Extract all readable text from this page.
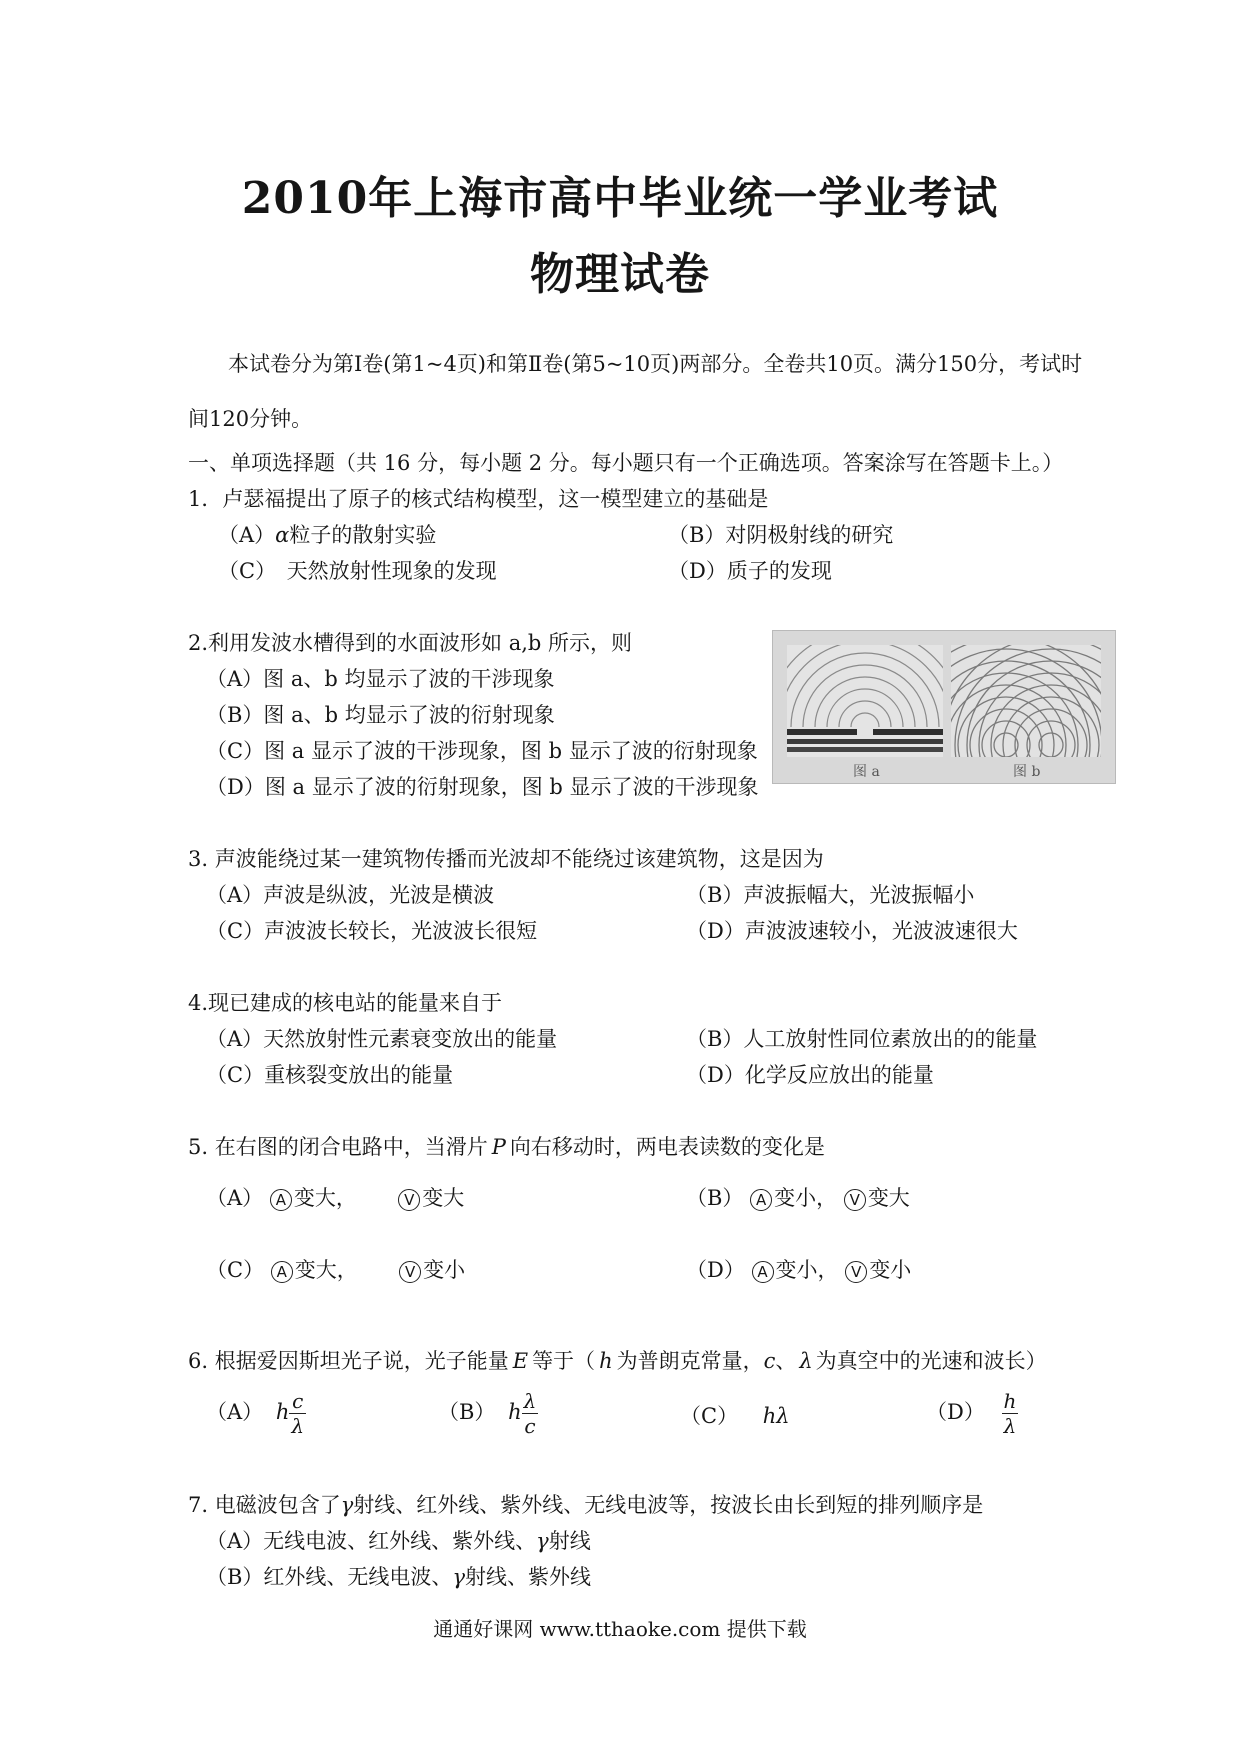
2010年上海市高中毕业统一学业考试
物理试卷
本试卷分为第Ⅰ卷(第1~4页)和第Ⅱ卷(第5~10页)两部分。全卷共10页。满分150分，考试时
间120分钟。
一、单项选择题（共 16 分，每小题 2 分。每小题只有一个正确选项。答案涂写在答题卡上。）
1．卢瑟福提出了原子的核式结构模型，这一模型建立的基础是
（A）α粒子的散射实验	（B）对阴极射线的研究
（C）　天然放射性现象的发现	（D）质子的发现
2.利用发波水槽得到的水面波形如 a,b 所示，则
（A）图 a、b 均显示了波的干涉现象
（B）图 a、b 均显示了波的衍射现象
（C）图 a 显示了波的干涉现象，图 b 显示了波的衍射现象
（D）图 a 显示了波的衍射现象，图 b 显示了波的干涉现象
图 a	图 b
3. 声波能绕过某一建筑物传播而光波却不能绕过该建筑物，这是因为
（A）声波是纵波，光波是横波	（B）声波振幅大，光波振幅小
（C）声波波长较长，光波波长很短	（D）声波波速较小，光波波速很大
4.现已建成的核电站的能量来自于
（A）天然放射性元素衰变放出的能量	（B）人工放射性同位素放出的的能量
（C）重核裂变放出的能量	（D）化学反应放出的能量
5. 在右图的闭合电路中，当滑片 P 向右移动时，两电表读数的变化是
（A） A 变大，	V 变大	（B） A 变小， V 变大
（C） A 变大，	V 变小	（D） A 变小， V 变小
6. 根据爱因斯坦光子说，光子能量 E 等于（ h 为普朗克常量，c、 λ 为真空中的光速和波长）
（A） h $\frac{c}{\lambda}$	（B） h $\frac{\lambda}{c}$	（C） hλ	$(D) \frac{h}{\lambda}$
7. 电磁波包含了γ射线、红外线、紫外线、无线电波等，按波长由长到短的排列顺序是
（A）无线电波、红外线、紫外线、γ射线
（B）红外线、无线电波、γ射线、紫外线
通通好课网 www.tthaoke.com 提供下载
